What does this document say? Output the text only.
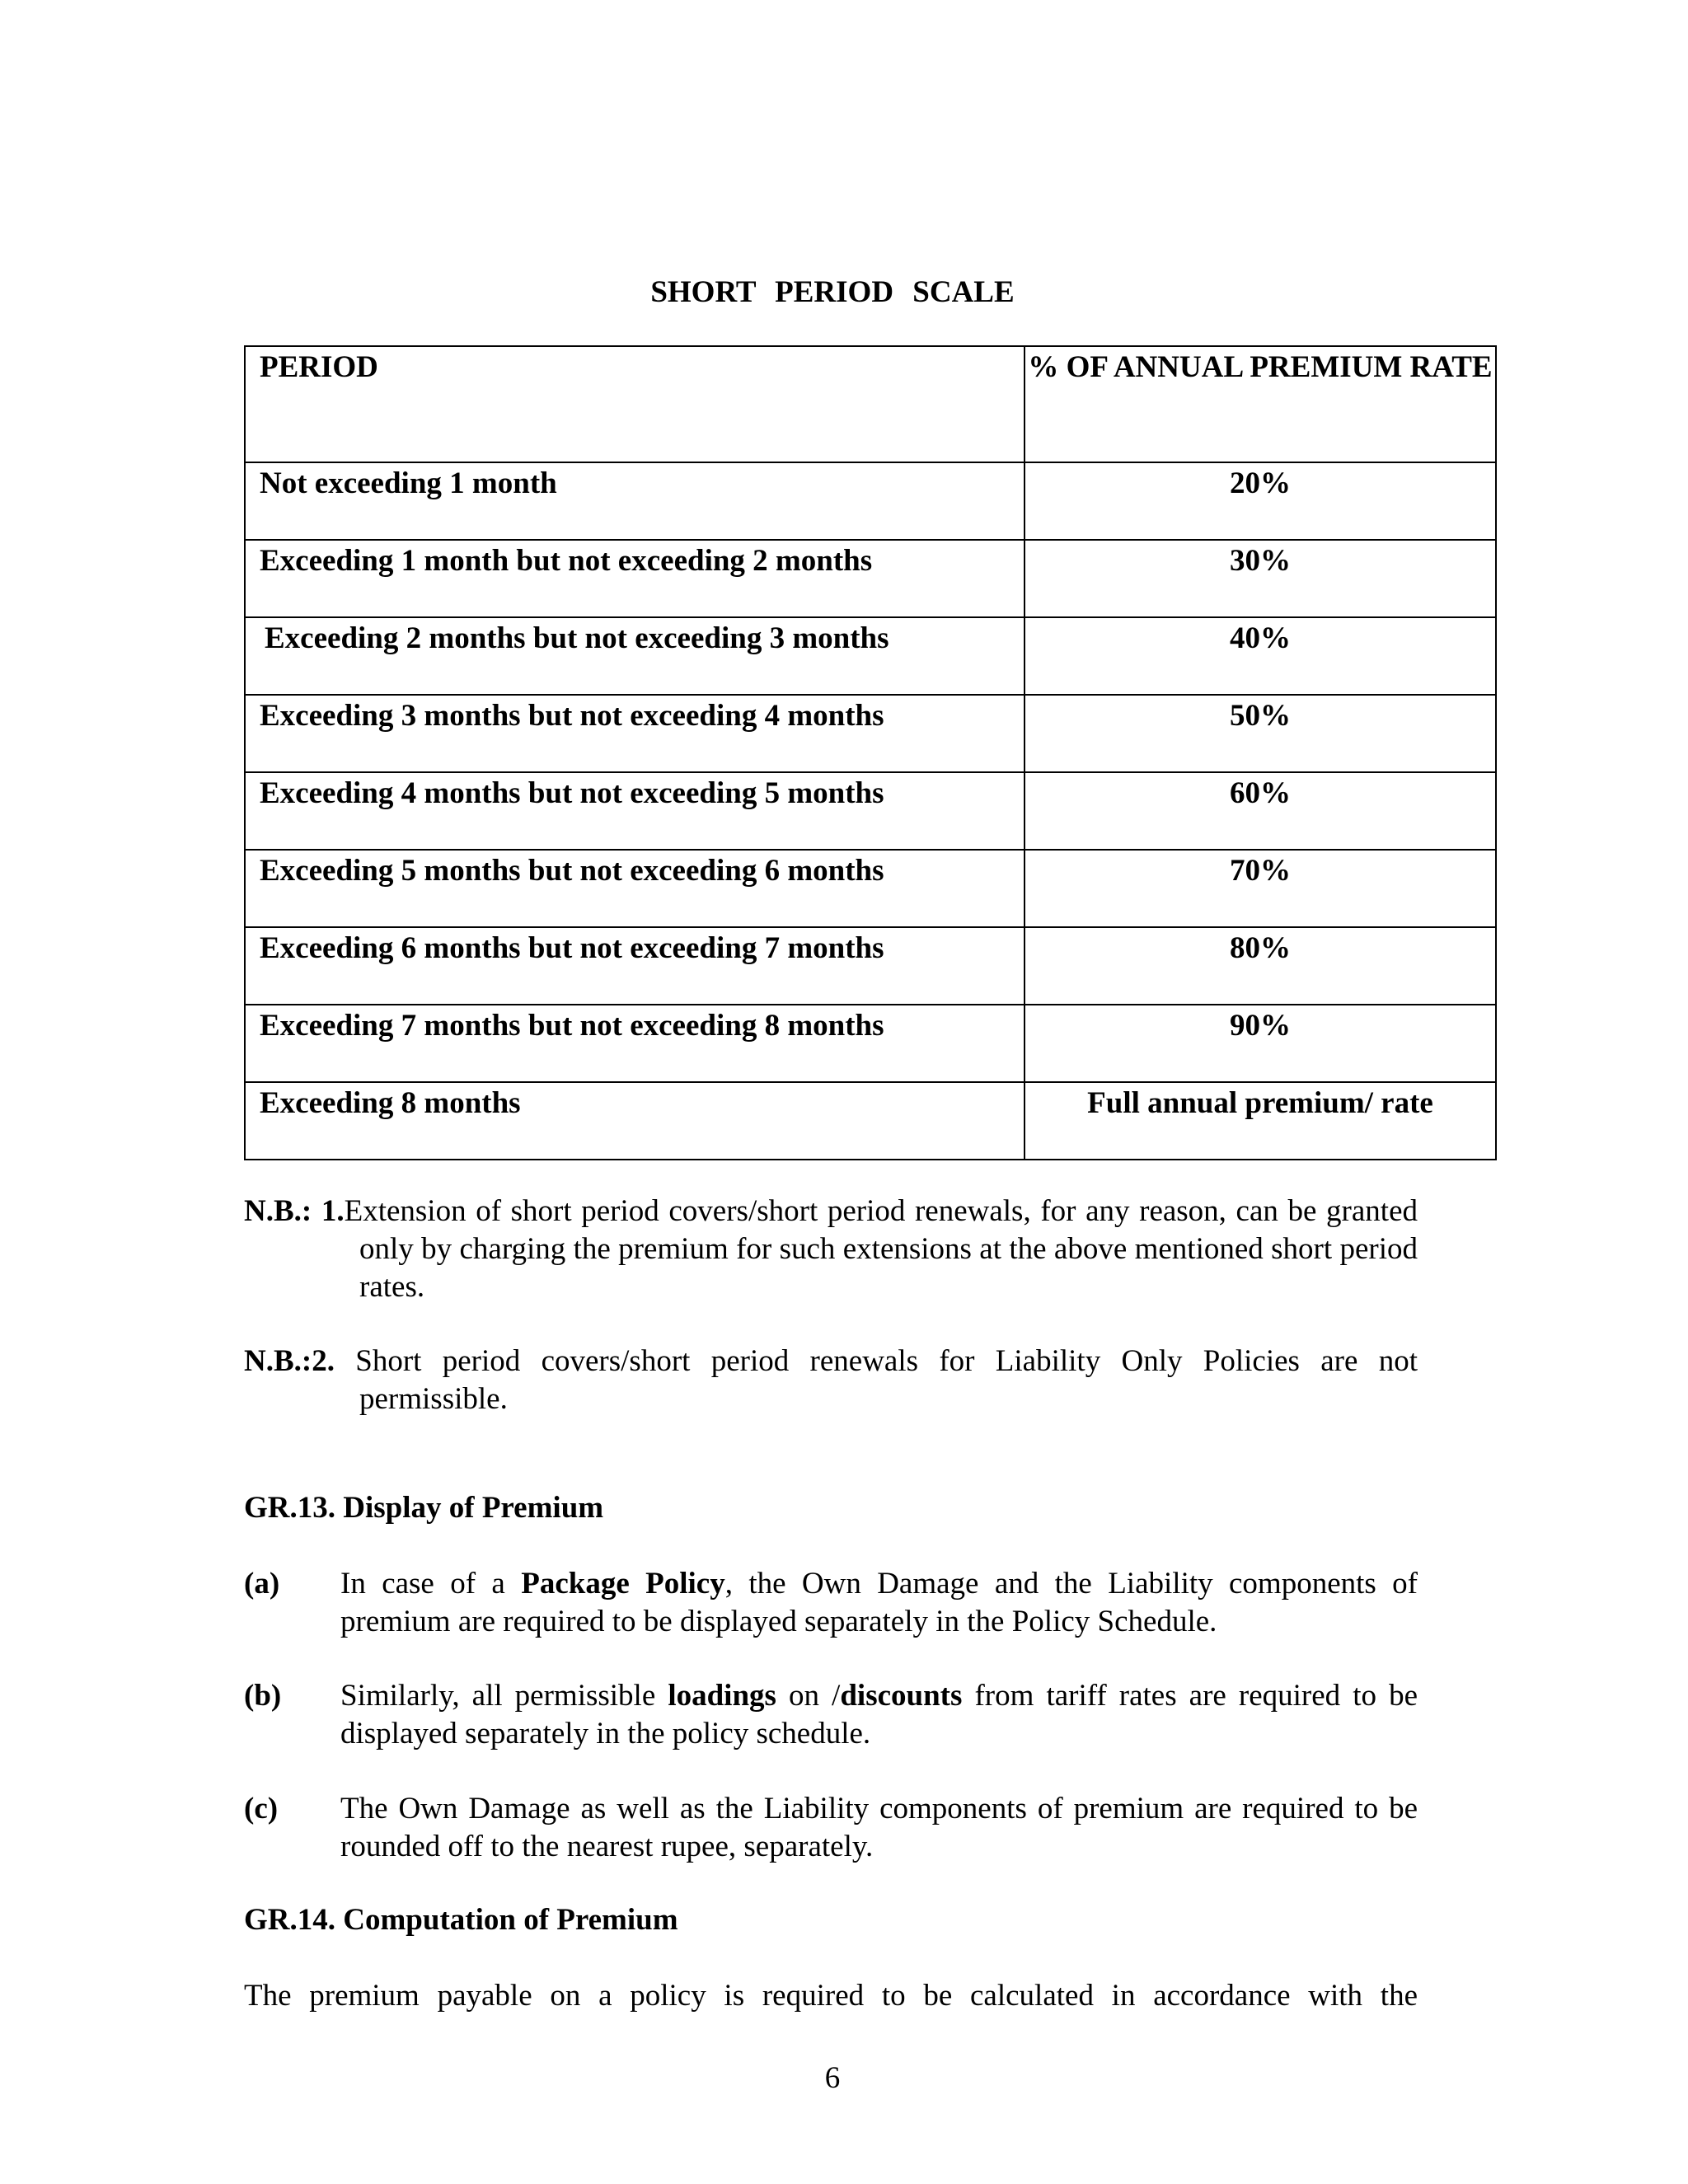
SHORT PERIOD SCALE
PERIOD	% OF ANNUAL PREMIUM RATE
Not exceeding 1 month	20%
Exceeding 1 month but not exceeding 2 months	30%
Exceeding 2 months but not exceeding 3 months	40%
Exceeding 3 months but not exceeding 4 months	50%
Exceeding 4 months but not exceeding 5 months	60%
Exceeding 5 months but not exceeding 6 months	70%
Exceeding 6 months but not exceeding 7 months	80%
Exceeding 7 months but not exceeding 8 months	90%
Exceeding 8 months	Full annual premium/ rate
N.B.: 1.Extension of short period covers/short period renewals, for any reason, can be granted only by charging the premium for such extensions at the above mentioned short period rates.
N.B.:2. Short period covers/short period renewals for Liability Only Policies are not permissible.
GR.13. Display of Premium
(a) In case of a Package Policy, the Own Damage and the Liability components of premium are required to be displayed separately in the Policy Schedule.
(b) Similarly, all permissible loadings on /discounts from tariff rates are required to be displayed separately in the policy schedule.
(c) The Own Damage as well as the Liability components of premium are required to be rounded off to the nearest rupee, separately.
GR.14. Computation of Premium
The premium payable on a policy is required to be calculated in accordance with the
6
